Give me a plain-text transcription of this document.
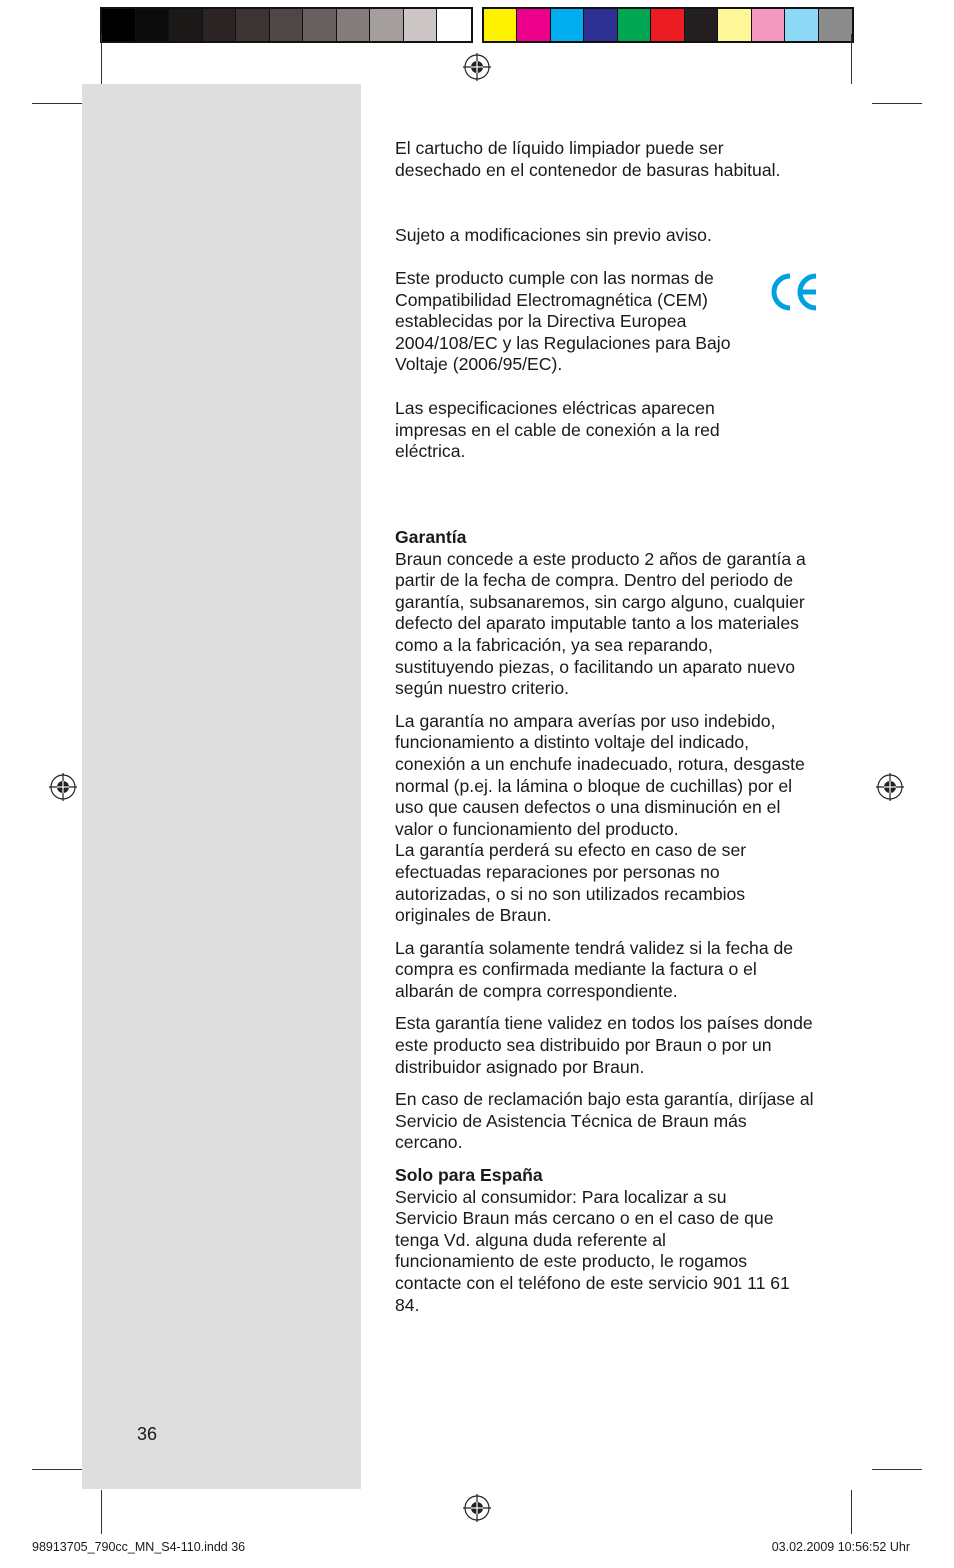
El cartucho de líquido limpiador puede ser desechado en el contenedor de basuras habitual.

Sujeto a modificaciones sin previo aviso.

Este producto cumple con las normas de Compatibilidad Electromagnética (CEM) establecidas por la Directiva Europea 2004/108/EC y las Regulaciones para Bajo Voltaje (2006/95/EC).

Las especificaciones eléctricas aparecen impresas en el cable de conexión a la red eléctrica.

Garantía

Braun concede a este producto 2 años de garantía a partir de la fecha de compra. Dentro del periodo de garantía, subsanaremos, sin cargo alguno, cualquier defecto del aparato imputable tanto a los materiales como a la fabricación, ya sea reparando, sustituyendo piezas, o facilitando un aparato nuevo según nuestro criterio.

La garantía no ampara averías por uso indebido, funcionamiento a distinto voltaje del indicado, conexión a un enchufe inadecuado, rotura, desgaste normal (p.ej. la lámina o bloque de cuchillas) por el uso que causen defectos o una disminución en el valor o funcionamiento del producto.

La garantía perderá su efecto en caso de ser efectuadas reparaciones por personas no autorizadas, o si no son utilizados recambios originales de Braun.

La garantía solamente tendrá validez si la fecha de compra es confirmada mediante la factura o el albarán de compra correspondiente.

Esta garantía tiene validez en todos los países donde este producto sea distribuido por Braun o por un distribuidor asignado por Braun.

En caso de reclamación bajo esta garantía, diríjase al Servicio de Asistencia Técnica de Braun más cercano.

Solo para España

Servicio al consumidor: Para localizar a su Servicio Braun más cercano o en el caso de que tenga Vd. alguna duda referente al funcionamiento de este producto, le rogamos contacte con el teléfono de este servicio 901 11 61 84.

36
98913705_790cc_MN_S4-110.indd 36	03.02.2009 10:56:52 Uhr
